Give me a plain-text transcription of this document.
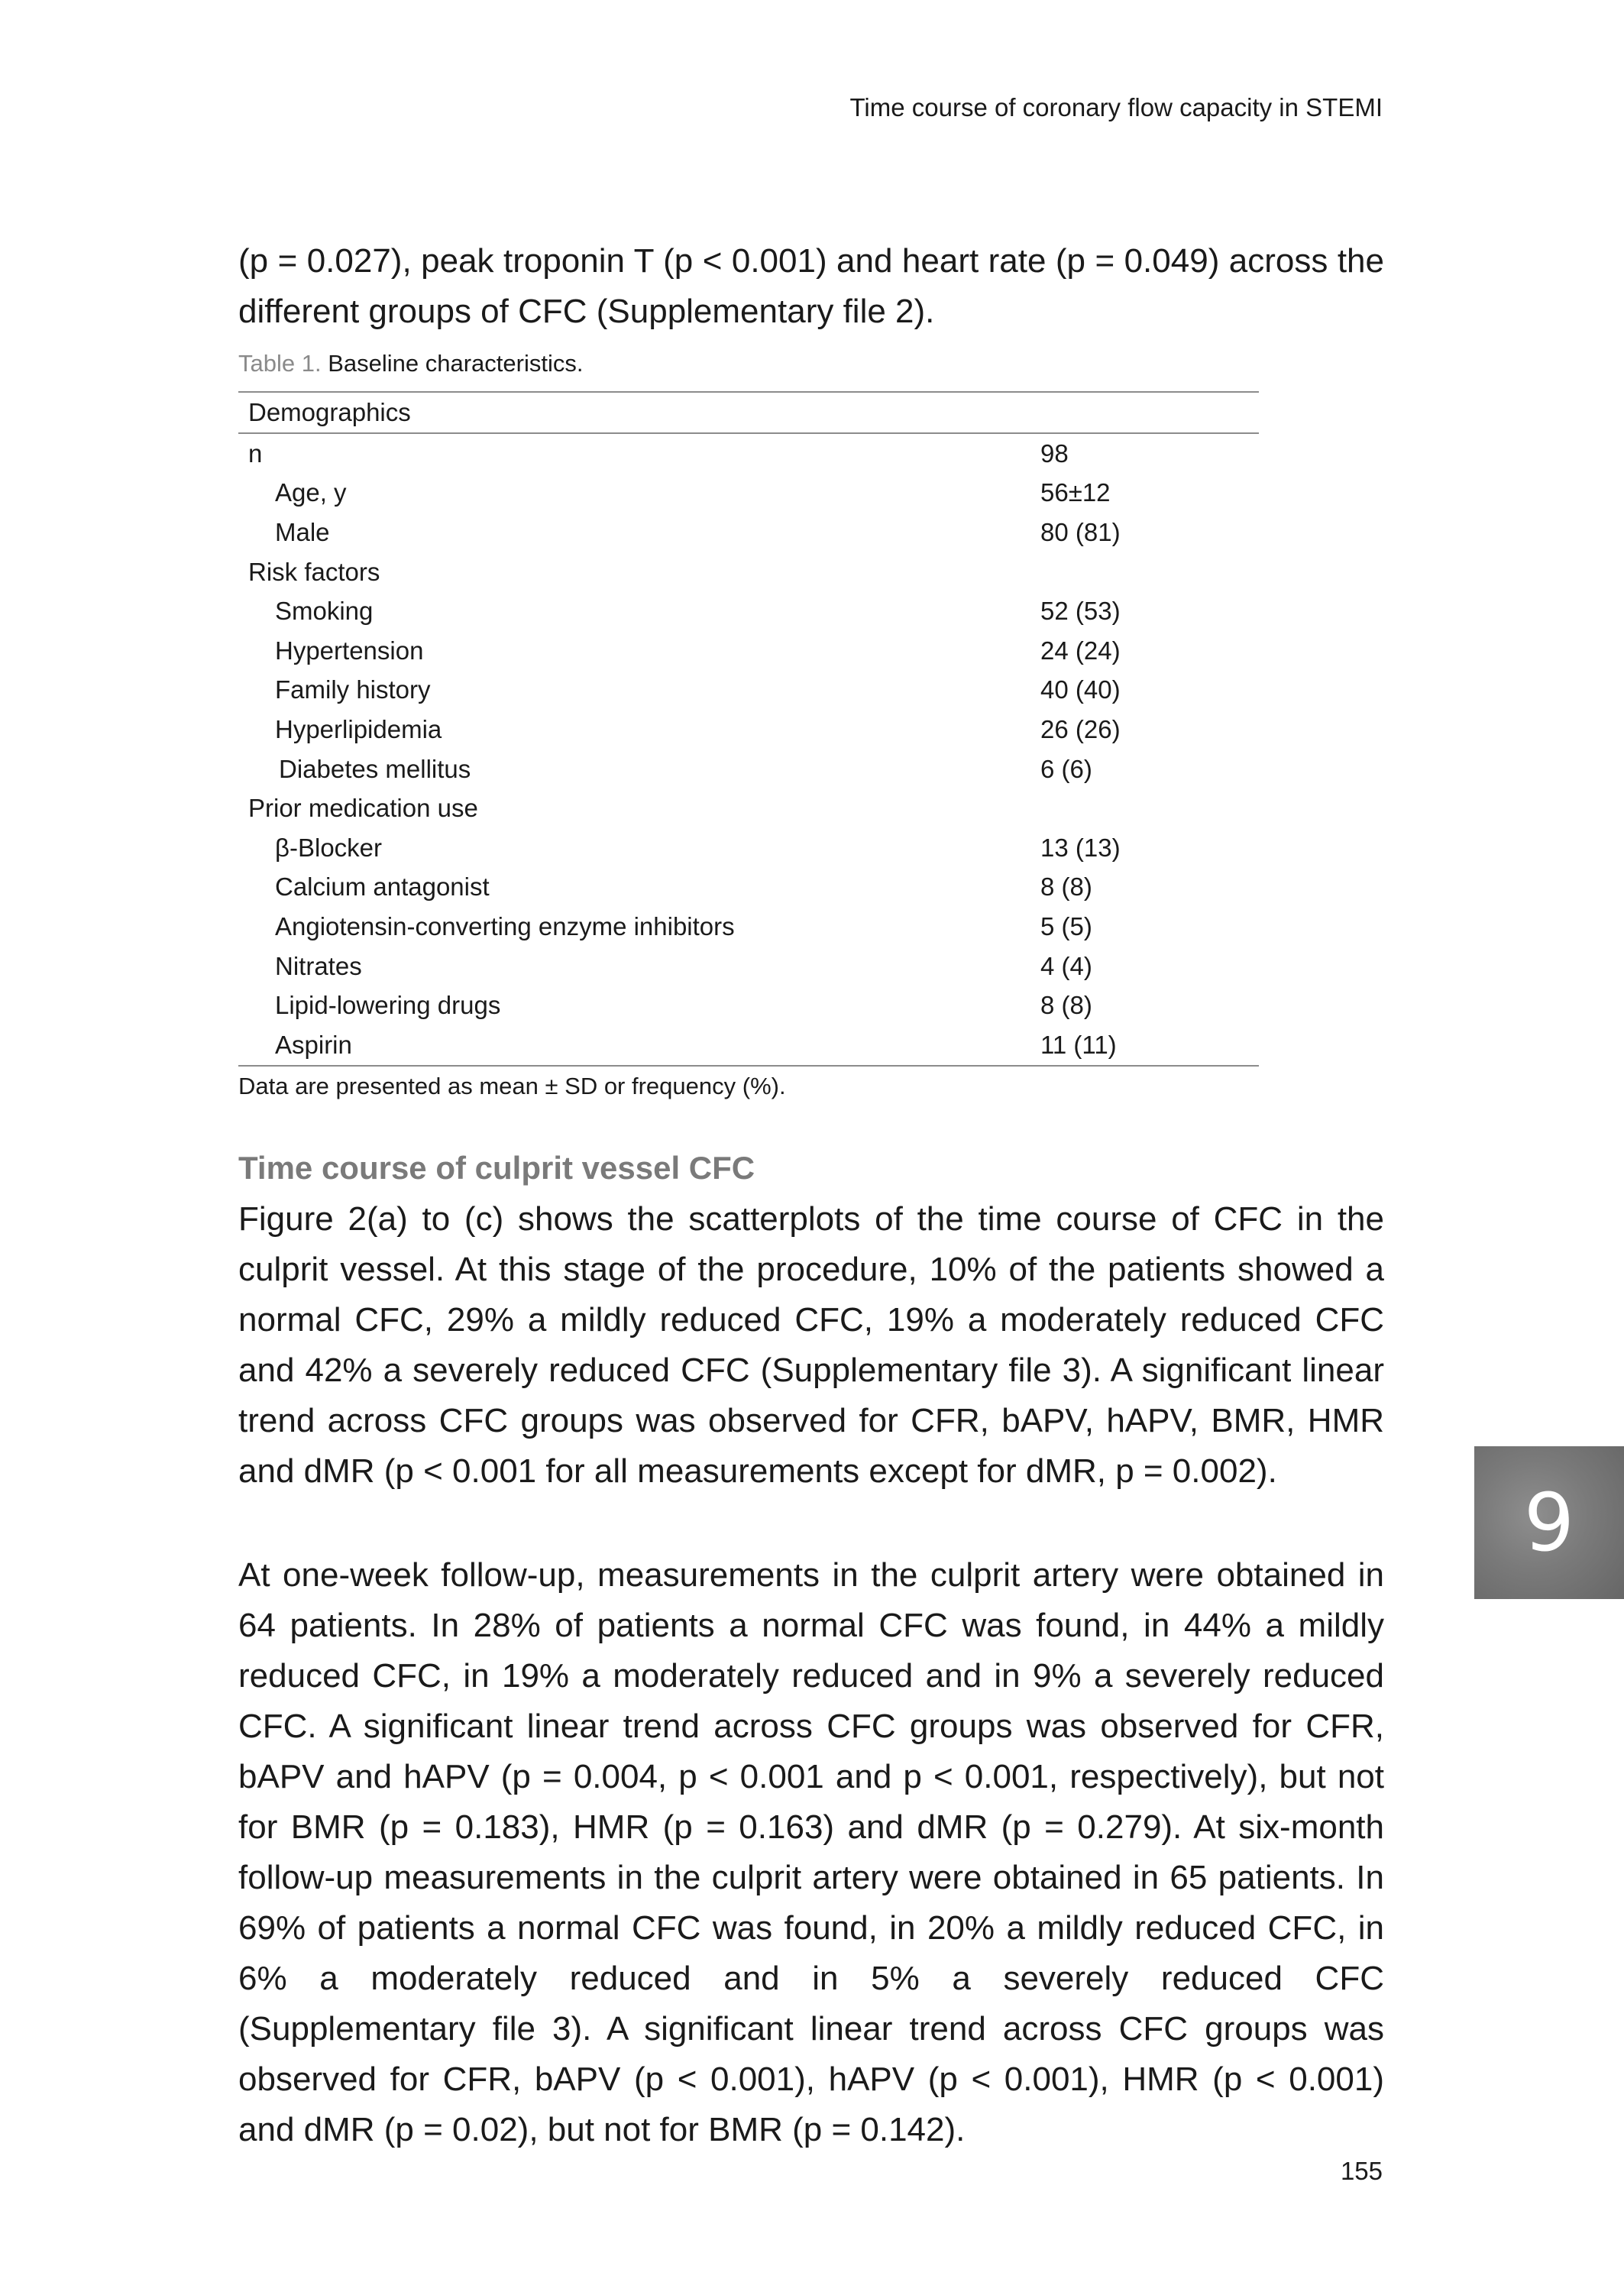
Time course of coronary flow capacity in STEMI

(p = 0.027), peak troponin T (p < 0.001) and heart rate (p = 0.049) across the different groups of CFC (Supplementary file 2).

Table 1. Baseline characteristics.
Demographics	
n	98
Age, y	56±12
Male	80 (81)
Risk factors	
Smoking	52 (53)
Hypertension	24 (24)
Family history	40 (40)
Hyperlipidemia	26 (26)
Diabetes mellitus	6 (6)
Prior medication use	
β-Blocker	13 (13)
Calcium antagonist	8 (8)
Angiotensin-converting enzyme inhibitors	5 (5)
Nitrates	4 (4)
Lipid-lowering drugs	8 (8)
Aspirin	11 (11)
Data are presented as mean ± SD or frequency (%).
Time course of culprit vessel CFC

Figure 2(a) to (c) shows the scatterplots of the time course of CFC in the culprit vessel. At this stage of the procedure, 10% of the patients showed a normal CFC, 29% a mildly reduced CFC, 19% a moderately reduced CFC and 42% a severely reduced CFC (Supplementary file 3). A significant linear trend across CFC groups was observed for CFR, bAPV, hAPV, BMR, HMR and dMR (p < 0.001 for all measurements except for dMR, p = 0.002).

At one-week follow-up, measurements in the culprit artery were obtained in 64 patients. In 28% of patients a normal CFC was found, in 44% a mildly reduced CFC, in 19% a moderately reduced and in 9% a severely reduced CFC. A significant linear trend across CFC groups was observed for CFR, bAPV and hAPV (p = 0.004, p < 0.001 and p < 0.001, respectively), but not for BMR (p = 0.183), HMR (p = 0.163) and dMR (p = 0.279). At six-month follow-up measurements in the culprit artery were obtained in 65 patients. In 69% of patients a normal CFC was found, in 20% a mildly reduced CFC, in 6% a moderately reduced and in 5% a severely reduced CFC (Supplementary file 3). A significant linear trend across CFC groups was observed for CFR, bAPV (p < 0.001), hAPV (p < 0.001), HMR (p < 0.001) and dMR (p = 0.02), but not for BMR (p = 0.142).

9
155
